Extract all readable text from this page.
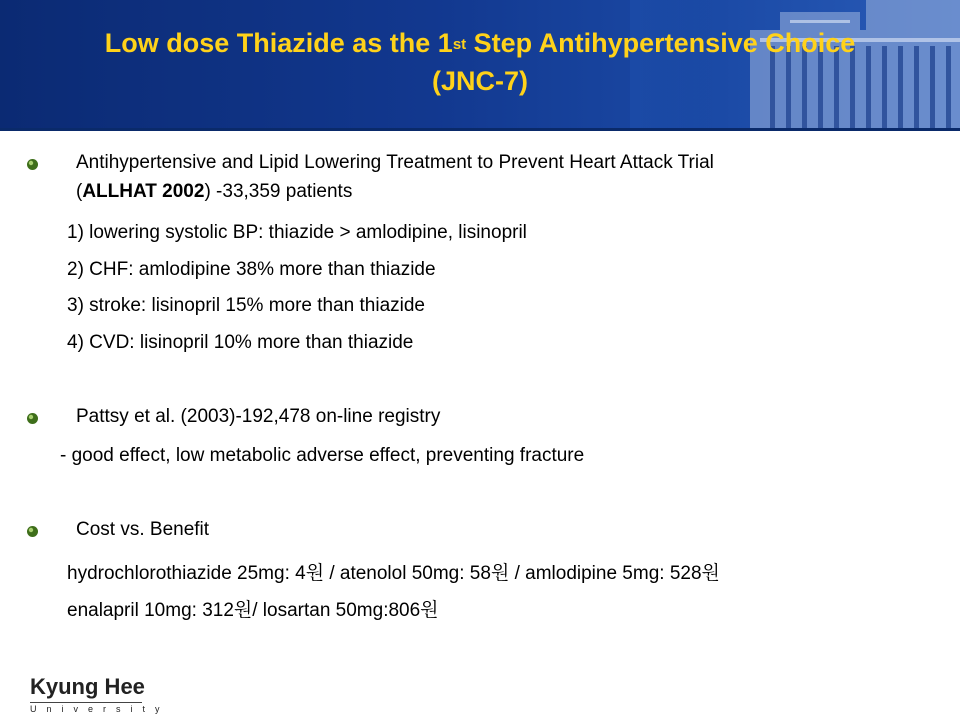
Low dose Thiazide as the 1st Step Antihypertensive Choice
(JNC-7)
Antihypertensive and Lipid Lowering Treatment to Prevent Heart Attack Trial
(ALLHAT 2002) -33,359 patients
1) lowering systolic BP: thiazide > amlodipine, lisinopril
2) CHF: amlodipine 38% more than thiazide
3) stroke: lisinopril 15% more than thiazide
4) CVD: lisinopril 10% more than thiazide
Pattsy et al. (2003)-192,478 on-line registry
- good effect, low metabolic adverse effect, preventing fracture
Cost vs. Benefit
hydrochlorothiazide 25mg: 4원 / atenolol 50mg: 58원 / amlodipine 5mg: 528원
enalapril 10mg: 312원/ losartan 50mg:806원
Kyung Hee
University
